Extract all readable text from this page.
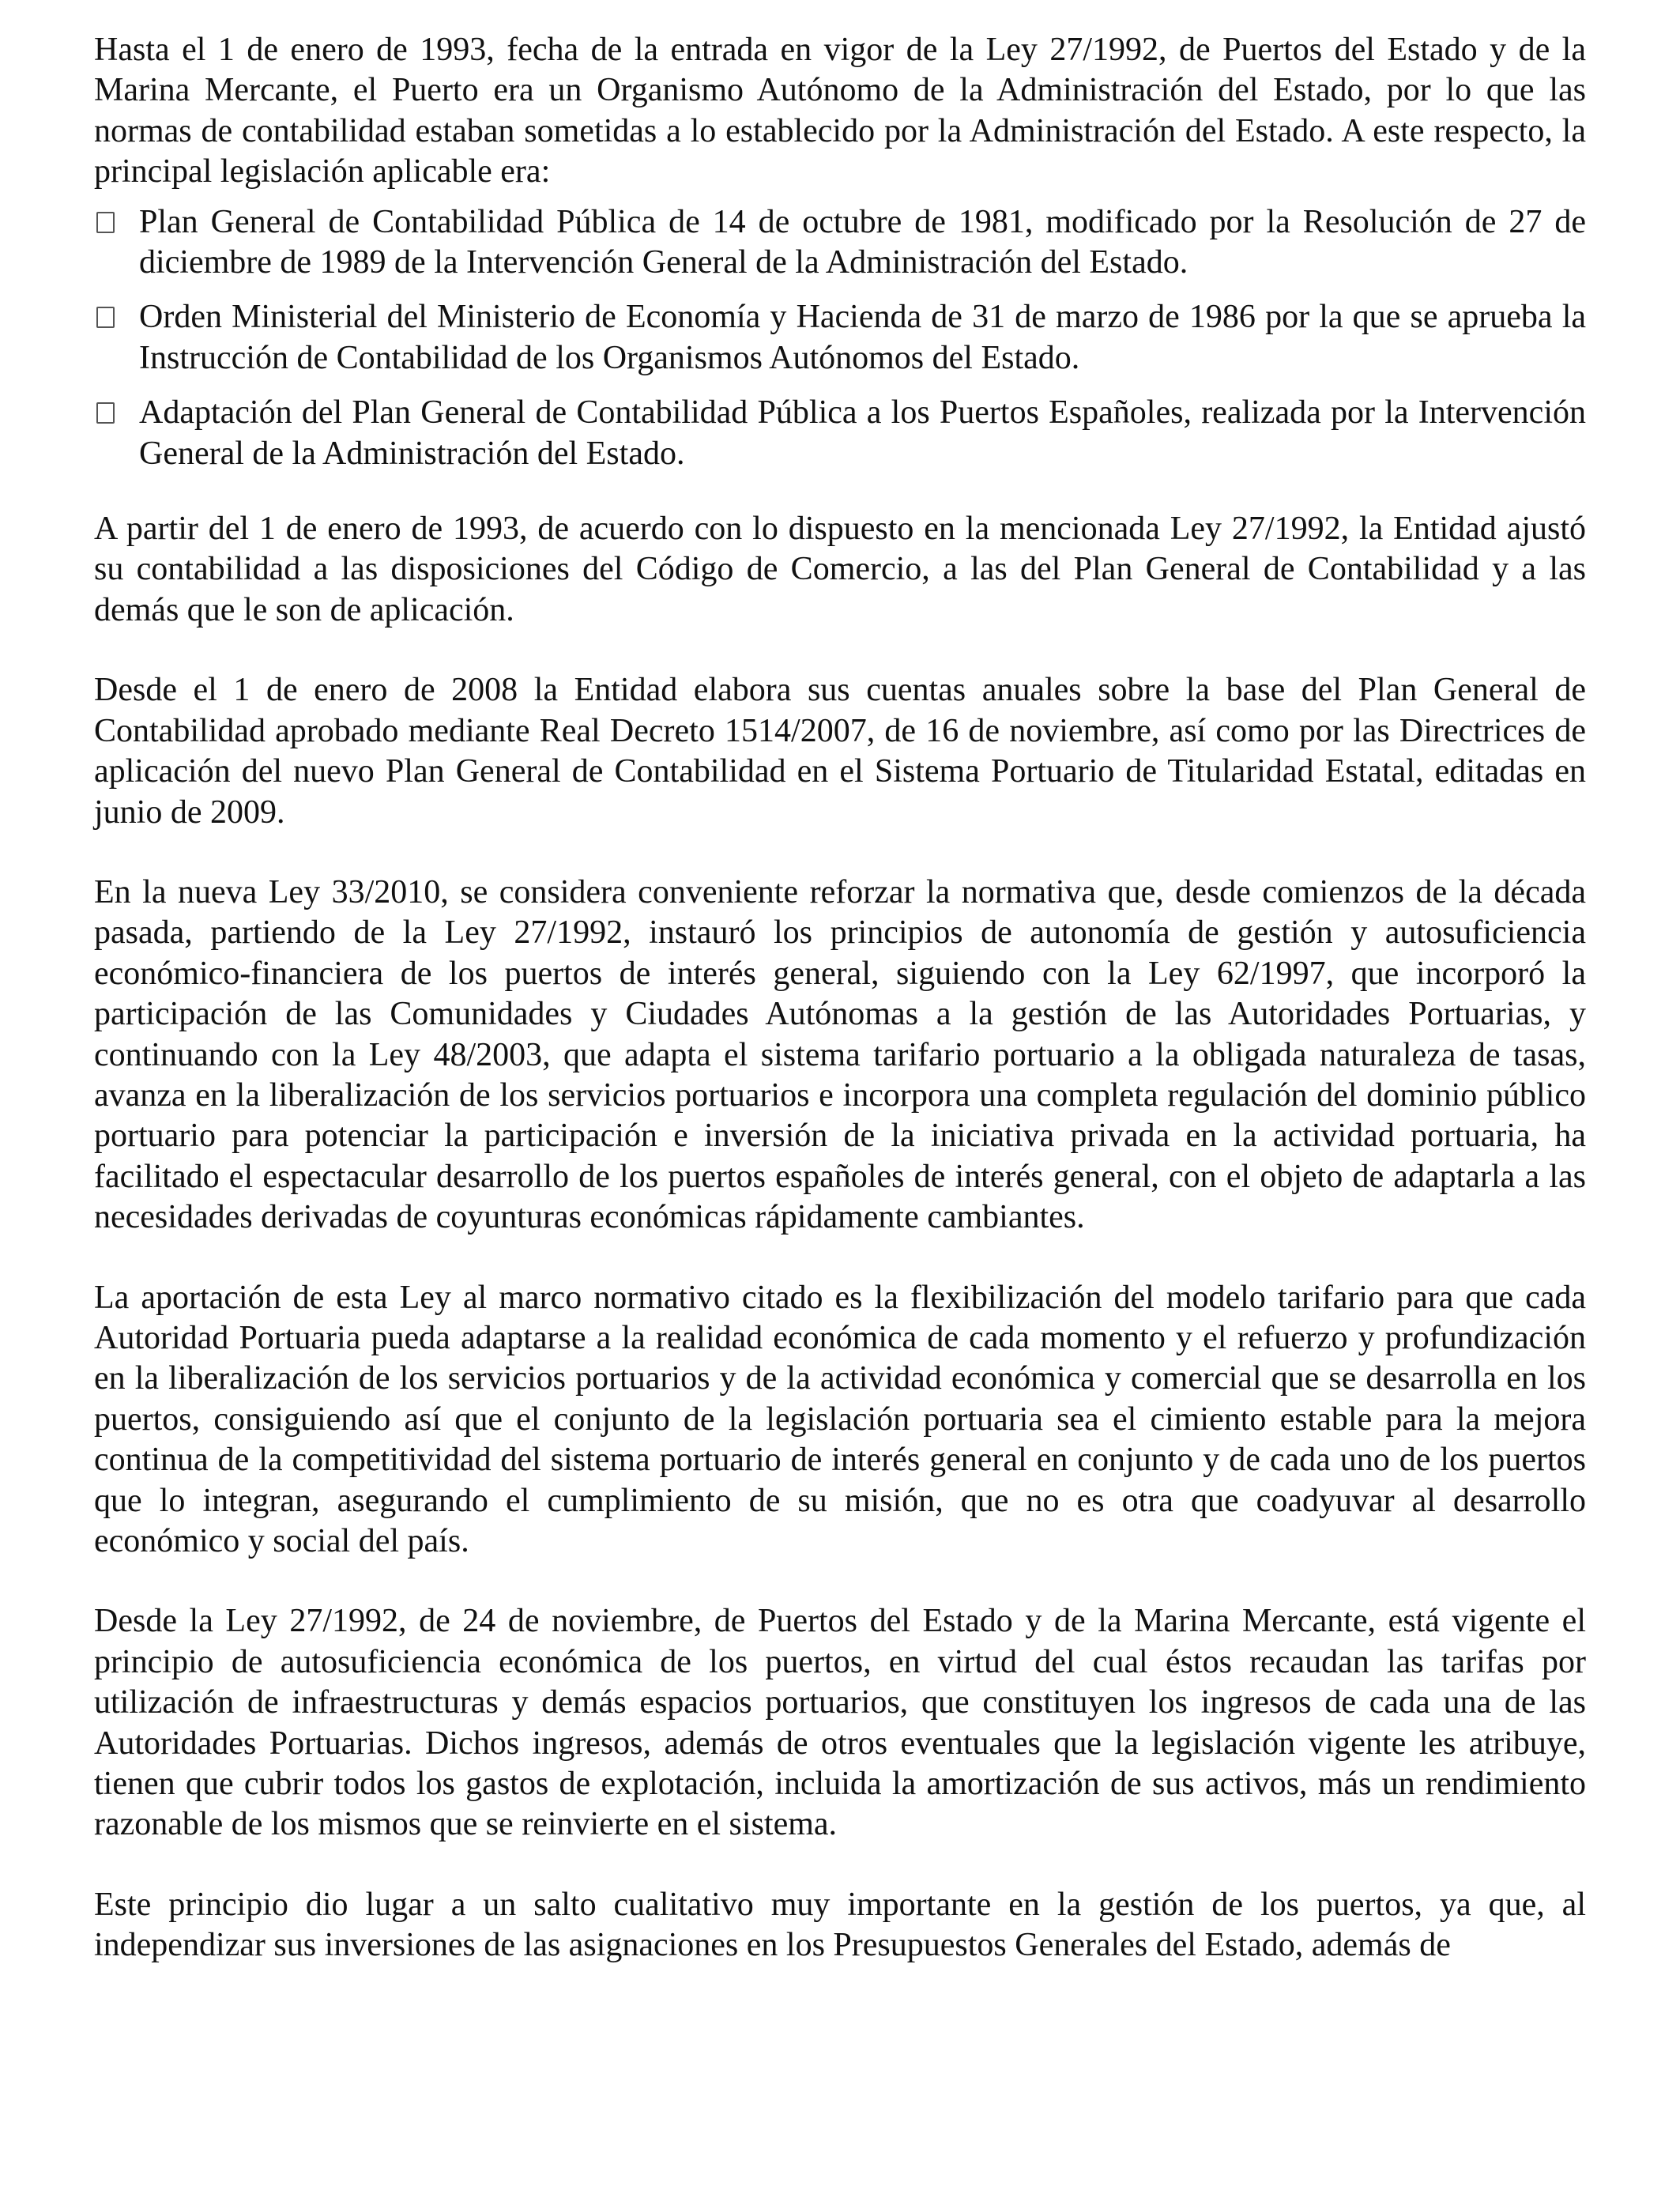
Hasta el 1 de enero de 1993, fecha de la entrada en vigor de la Ley 27/1992, de Puertos del Estado y de la Marina Mercante, el Puerto era un Organismo Autónomo de la Administración del Estado, por lo que las normas de contabilidad estaban sometidas a lo establecido por la Administración del Estado. A este respecto, la principal legislación aplicable era:

Plan General de Contabilidad Pública de 14 de octubre de 1981, modificado por la Resolución de 27 de diciembre de 1989 de la Intervención General de la Administración del Estado.
Orden Ministerial del Ministerio de Economía y Hacienda de 31 de marzo de 1986 por la que se aprueba la Instrucción de Contabilidad de los Organismos Autónomos del Estado.
Adaptación del Plan General de Contabilidad Pública a los Puertos Españoles, realizada por la Intervención General de la Administración del Estado.

A partir del 1 de enero de 1993, de acuerdo con lo dispuesto en la mencionada Ley 27/1992, la Entidad ajustó su contabilidad a las disposiciones del Código de Comercio, a las del Plan General de Contabilidad y a las demás que le son de aplicación.

Desde el 1 de enero de 2008 la Entidad elabora sus cuentas anuales sobre la base del Plan General de Contabilidad aprobado mediante Real Decreto 1514/2007, de 16 de noviembre, así como por las Directrices de aplicación del nuevo Plan General de Contabilidad en el Sistema Portuario de Titularidad Estatal, editadas en junio de 2009.

En la nueva Ley 33/2010, se considera conveniente reforzar la normativa que, desde comienzos de la década pasada, partiendo de la Ley 27/1992, instauró los principios de autonomía de gestión y autosuficiencia económico-financiera de los puertos de interés general, siguiendo con la Ley 62/1997, que incorporó la participación de las Comunidades y Ciudades Autónomas a la gestión de las Autoridades Portuarias, y continuando con la Ley 48/2003, que adapta el sistema tarifario portuario a la obligada naturaleza de tasas, avanza en la liberalización de los servicios portuarios e incorpora una completa regulación del dominio público portuario para potenciar la participación e inversión de la iniciativa privada en la actividad portuaria, ha facilitado el espectacular desarrollo de los puertos españoles de interés general, con el objeto de adaptarla a las necesidades derivadas de coyunturas económicas rápidamente cambiantes.

La aportación de esta Ley al marco normativo citado es la flexibilización del modelo tarifario para que cada Autoridad Portuaria pueda adaptarse a la realidad económica de cada momento y el refuerzo y profundización en la liberalización de los servicios portuarios y de la actividad económica y comercial que se desarrolla en los puertos, consiguiendo así que el conjunto de la legislación portuaria sea el cimiento estable para la mejora continua de la competitividad del sistema portuario de interés general en conjunto y de cada uno de los puertos que lo integran, asegurando el cumplimiento de su misión, que no es otra que coadyuvar al desarrollo económico y social del país.

Desde la Ley 27/1992, de 24 de noviembre, de Puertos del Estado y de la Marina Mercante, está vigente el principio de autosuficiencia económica de los puertos, en virtud del cual éstos recaudan las tarifas por utilización de infraestructuras y demás espacios portuarios, que constituyen los ingresos de cada una de las Autoridades Portuarias. Dichos ingresos, además de otros eventuales que la legislación vigente les atribuye, tienen que cubrir todos los gastos de explotación, incluida la amortización de sus activos, más un rendimiento razonable de los mismos que se reinvierte en el sistema.

Este principio dio lugar a un salto cualitativo muy importante en la gestión de los puertos, ya que, al independizar sus inversiones de las asignaciones en los Presupuestos Generales del Estado, además de
